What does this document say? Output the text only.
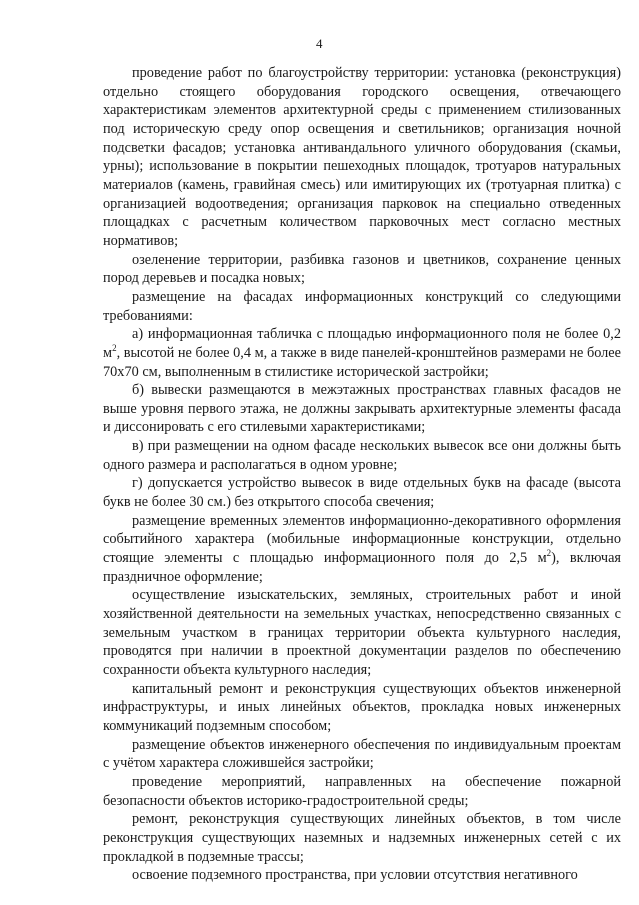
4

проведение работ по благоустройству территории: установка (реконструкция) отдельно стоящего оборудования городского освещения, отвечающего характеристикам элементов архитектурной среды с применением стилизованных под историческую среду опор освещения и светильников; организация ночной подсветки фасадов; установка антивандального уличного оборудования (скамьи, урны); использование в покрытии пешеходных площадок, тротуаров натуральных материалов (камень, гравийная смесь) или имитирующих их (тротуарная плитка) с организацией водоотведения; организация парковок на специально отведенных площадках с расчетным количеством парковочных мест согласно местных нормативов;

озеленение территории, разбивка газонов и цветников, сохранение ценных пород деревьев и посадка новых;

размещение на фасадах информационных конструкций со следующими требованиями:

а) информационная табличка с площадью информационного поля не более 0,2 $м^2$, высотой не более 0,4 м, а также в виде панелей-кронштейнов размерами не более 70х70 см, выполненным в стилистике исторической застройки;

б) вывески размещаются в межэтажных пространствах главных фасадов не выше уровня первого этажа, не должны закрывать архитектурные элементы фасада и диссонировать с его стилевыми характеристиками;

в) при размещении на одном фасаде нескольких вывесок все они должны быть одного размера и располагаться в одном уровне;

г) допускается устройство вывесок в виде отдельных букв на фасаде (высота букв не более 30 см.) без открытого способа свечения;

размещение временных элементов информационно-декоративного оформления событийного характера (мобильные информационные конструкции, отдельно стоящие элементы с площадью информационного поля до 2,5 $м^2$), включая праздничное оформление;

осуществление изыскательских, земляных, строительных работ и иной хозяйственной деятельности на земельных участках, непосредственно связанных с земельным участком в границах территории объекта культурного наследия, проводятся при наличии в проектной документации разделов по обеспечению сохранности объекта культурного наследия;

капитальный ремонт и реконструкция существующих объектов инженерной инфраструктуры, и иных линейных объектов, прокладка новых инженерных коммуникаций подземным способом;

размещение объектов инженерного обеспечения по индивидуальным проектам с учётом характера сложившейся застройки;

проведение мероприятий, направленных на обеспечение пожарной безопасности объектов историко-градостроительной среды;

ремонт, реконструкция существующих линейных объектов, в том числе реконструкция существующих наземных и надземных инженерных сетей с их прокладкой в подземные трассы;

освоение подземного пространства, при условии отсутствия негативного
